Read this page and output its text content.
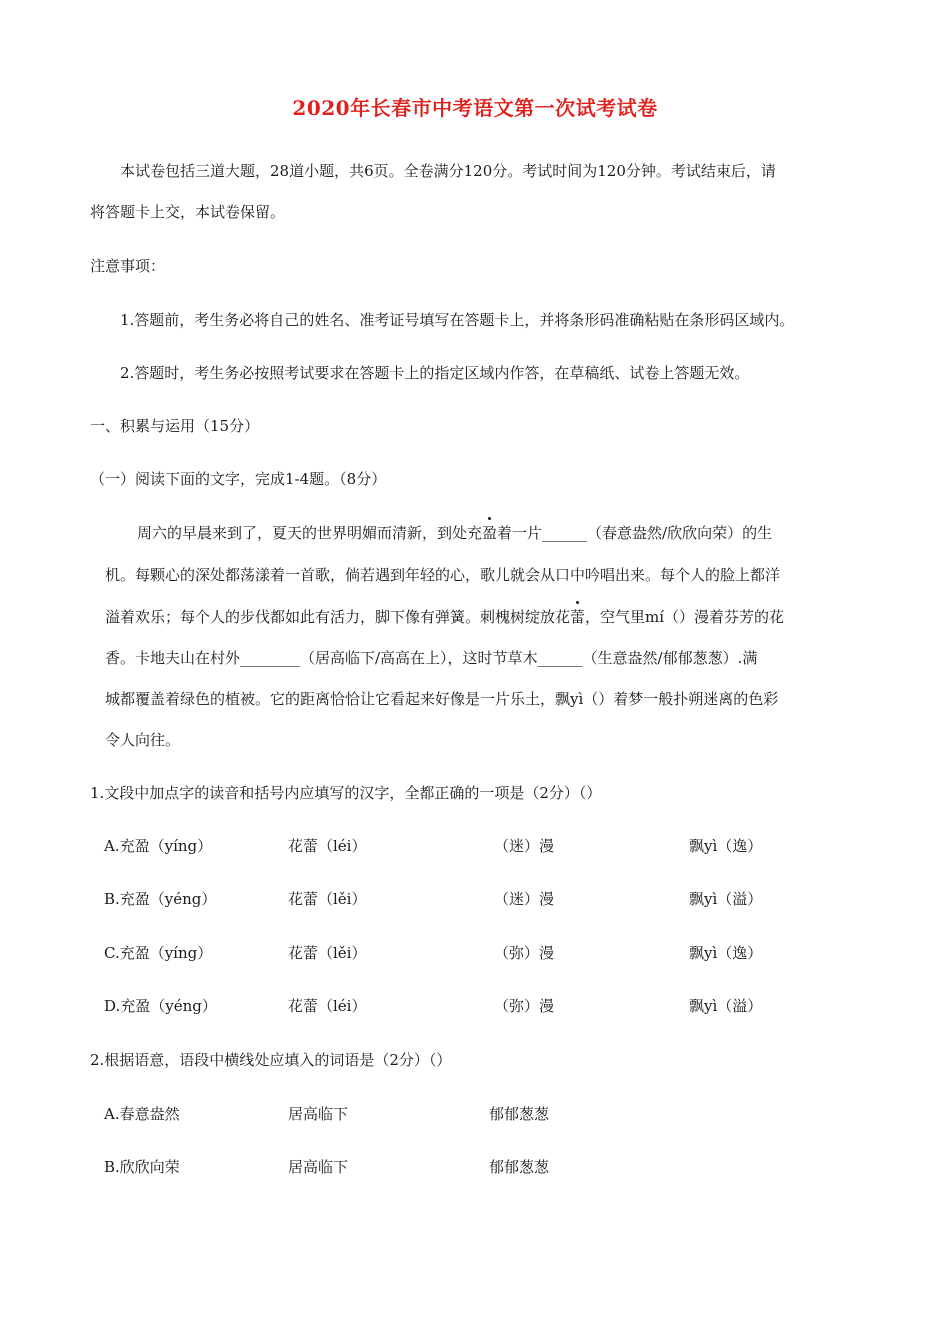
2020年长春市中考语文第一次试考试卷
本试卷包括三道大题，28道小题，共6页。全卷满分120分。考试时间为120分钟。考试结束后，请
将答题卡上交，本试卷保留。
注意事项：
1.答题前，考生务必将自己的姓名、准考证号填写在答题卡上，并将条形码准确粘贴在条形码区域内。
2.答题时，考生务必按照考试要求在答题卡上的指定区域内作答，在草稿纸、试卷上答题无效。
一、积累与运用（15分）
（一）阅读下面的文字，完成1-4题。（8分）
周六的早晨来到了，夏天的世界明媚而清新，到处充盈着一片______（春意盎然/欣欣向荣）的生
机。每颗心的深处都荡漾着一首歌，倘若遇到年轻的心，歌儿就会从口中吟唱出来。每个人的脸上都洋
溢着欢乐；每个人的步伐都如此有活力，脚下像有弹簧。刺槐树绽放花蕾，空气里mí（）漫着芬芳的花
香。卡地夫山在村外________（居高临下/高高在上），这时节草木______（生意盎然/郁郁葱葱）.满
城都覆盖着绿色的植被。它的距离恰恰让它看起来好像是一片乐土，飘yì（）着梦一般扑朔迷离的色彩
令人向往。
1.文段中加点字的读音和括号内应填写的汉字，全都正确的一项是（2分）（）
A.充盈（yíng）	花蕾（léi）	（迷）漫	飘yì（逸）
B.充盈（yéng）	花蕾（lěi）	（迷）漫	飘yì（溢）
C.充盈（yíng）	花蕾（lěi）	（弥）漫	飘yì（逸）
D.充盈（yéng）	花蕾（léi）	（弥）漫	飘yì（溢）
2.根据语意，语段中横线处应填入的词语是（2分）（）
A.春意盎然	居高临下	郁郁葱葱
B.欣欣向荣	居高临下	郁郁葱葱
